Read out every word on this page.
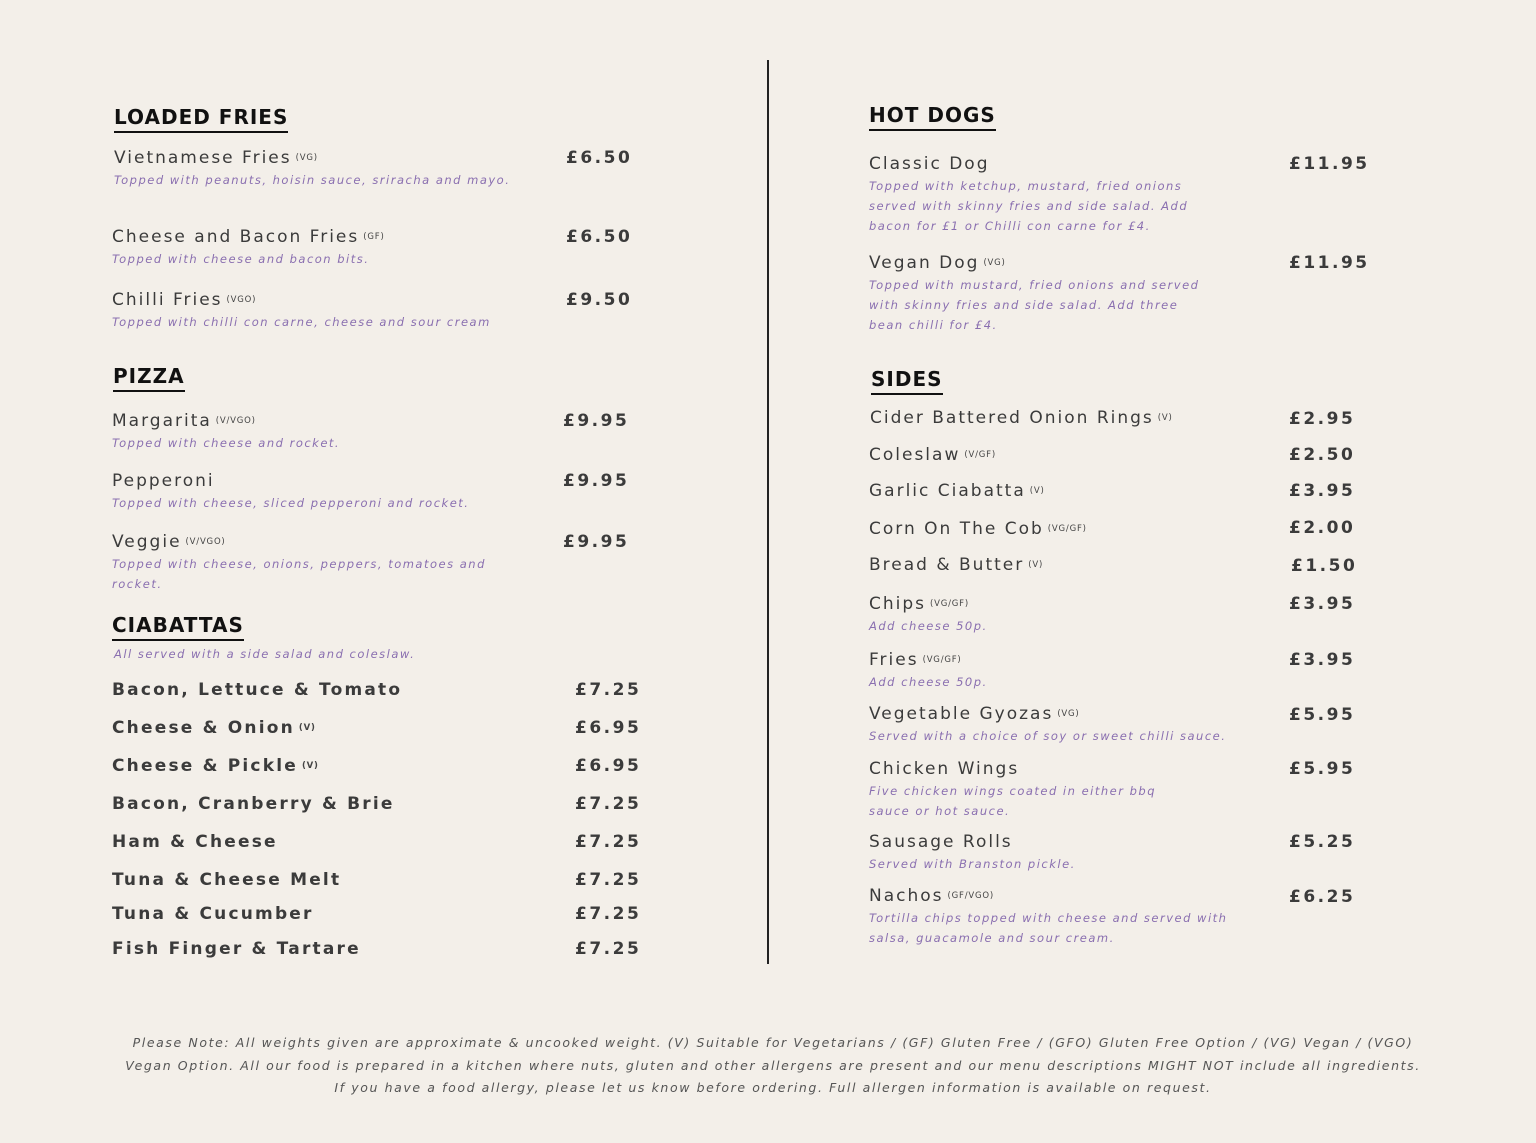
LOADED FRIES
Vietnamese Fries (VG)
Topped with peanuts, hoisin sauce, sriracha and mayo.
£6.50
Cheese and Bacon Fries (GF)
Topped with cheese and bacon bits.
£6.50
Chilli Fries (VGO)
Topped with chilli con carne, cheese and sour cream
£9.50
PIZZA
Margarita (V/VGO)
Topped with cheese and rocket.
£9.95
Pepperoni
Topped with cheese, sliced pepperoni and rocket.
£9.95
Veggie (V/VGO)
Topped with cheese, onions, peppers, tomatoes and rocket.
£9.95
CIABATTAS
All served with a side salad and coleslaw.
Bacon, Lettuce & Tomato	£7.25
Cheese & Onion (V)	£6.95
Cheese & Pickle (V)	£6.95
Bacon, Cranberry & Brie	£7.25
Ham & Cheese	£7.25
Tuna & Cheese Melt	£7.25
Tuna & Cucumber	£7.25
Fish Finger & Tartare	£7.25
HOT DOGS
Classic Dog
Topped with ketchup, mustard, fried onions served with skinny fries and side salad. Add bacon for £1 or Chilli con carne for £4.
£11.95
Vegan Dog (VG)
Topped with mustard, fried onions and served with skinny fries and side salad. Add three bean chilli for £4.
£11.95
SIDES
Cider Battered Onion Rings (V)	£2.95
Coleslaw (V/GF)	£2.50
Garlic Ciabatta (V)	£3.95
Corn On The Cob (VG/GF)	£2.00
Bread & Butter (V)	£1.50
Chips (VG/GF)
Add cheese 50p.
£3.95
Fries (VG/GF)
Add cheese 50p.
£3.95
Vegetable Gyozas (VG)
Served with a choice of soy or sweet chilli sauce.
£5.95
Chicken Wings
Five chicken wings coated in either bbq sauce or hot sauce.
£5.95
Sausage Rolls
Served with Branston pickle.
£5.25
Nachos (GF/VGO)
Tortilla chips topped with cheese and served with salsa, guacamole and sour cream.
£6.25
Please Note: All weights given are approximate & uncooked weight. (V) Suitable for Vegetarians / (GF) Gluten Free / (GFO) Gluten Free Option / (VG) Vegan / (VGO) Vegan Option. All our food is prepared in a kitchen where nuts, gluten and other allergens are present and our menu descriptions MIGHT NOT include all ingredients. If you have a food allergy, please let us know before ordering. Full allergen information is available on request.
